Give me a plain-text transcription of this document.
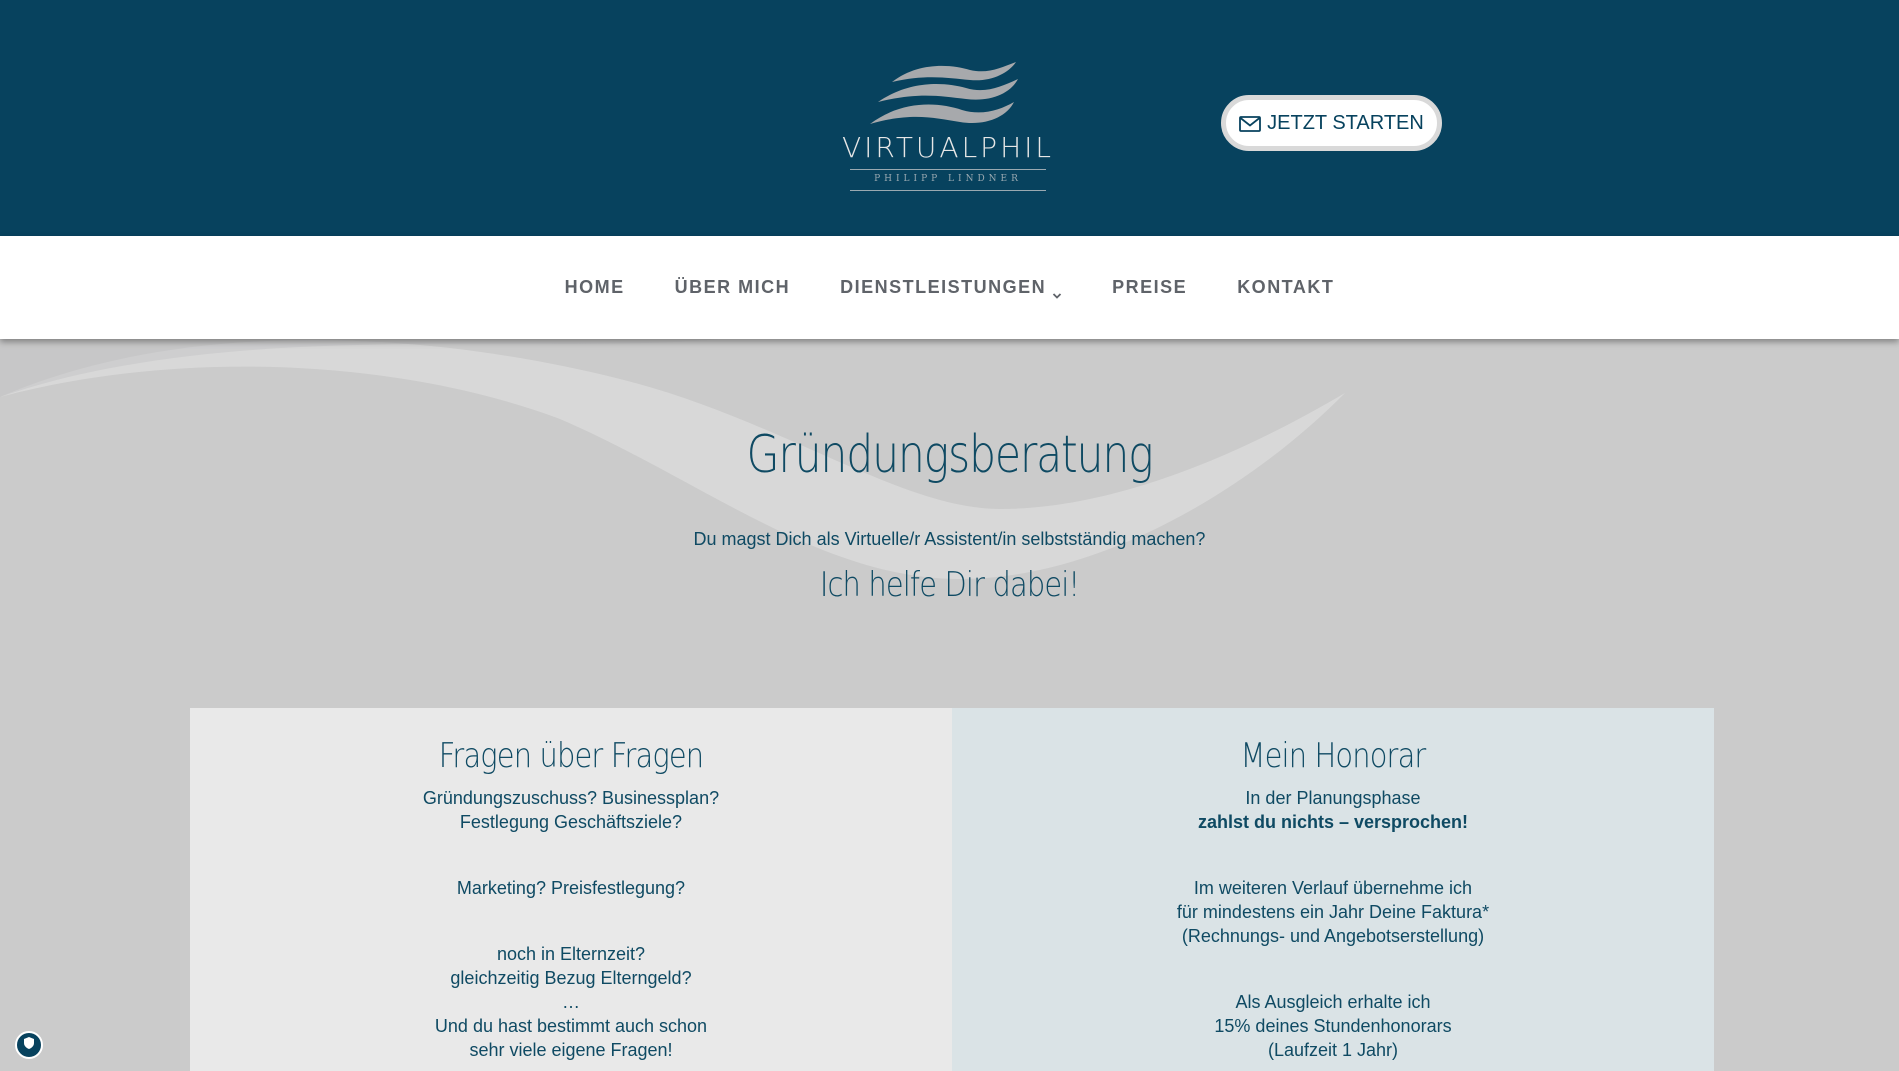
VIRTUALPHIL
PHILIPP LINDNER
JETZT STARTEN
HOME	ÜBER MICH	DIENSTLEISTUNGEN	PREISE	KONTAKT
Gründungsberatung
Du magst Dich als Virtuelle/r Assistent/in selbstständig machen?
Ich helfe Dir dabei!
Fragen über Fragen

Gründungszuschuss? Businessplan?

Festlegung Geschäftsziele?

Marketing? Preisfestlegung?

noch in Elternzeit?

gleichzeitig Bezug Elterngeld?

…

Und du hast bestimmt auch schon

sehr viele eigene Fragen!

Mein Honorar

In der Planungsphase

zahlst du nichts – versprochen!

Im weiteren Verlauf übernehme ich

für mindestens ein Jahr Deine Faktura*

(Rechnungs- und Angebotserstellung)

Als Ausgleich erhalte ich

15% deines Stundenhonorars

(Laufzeit 1 Jahr)
